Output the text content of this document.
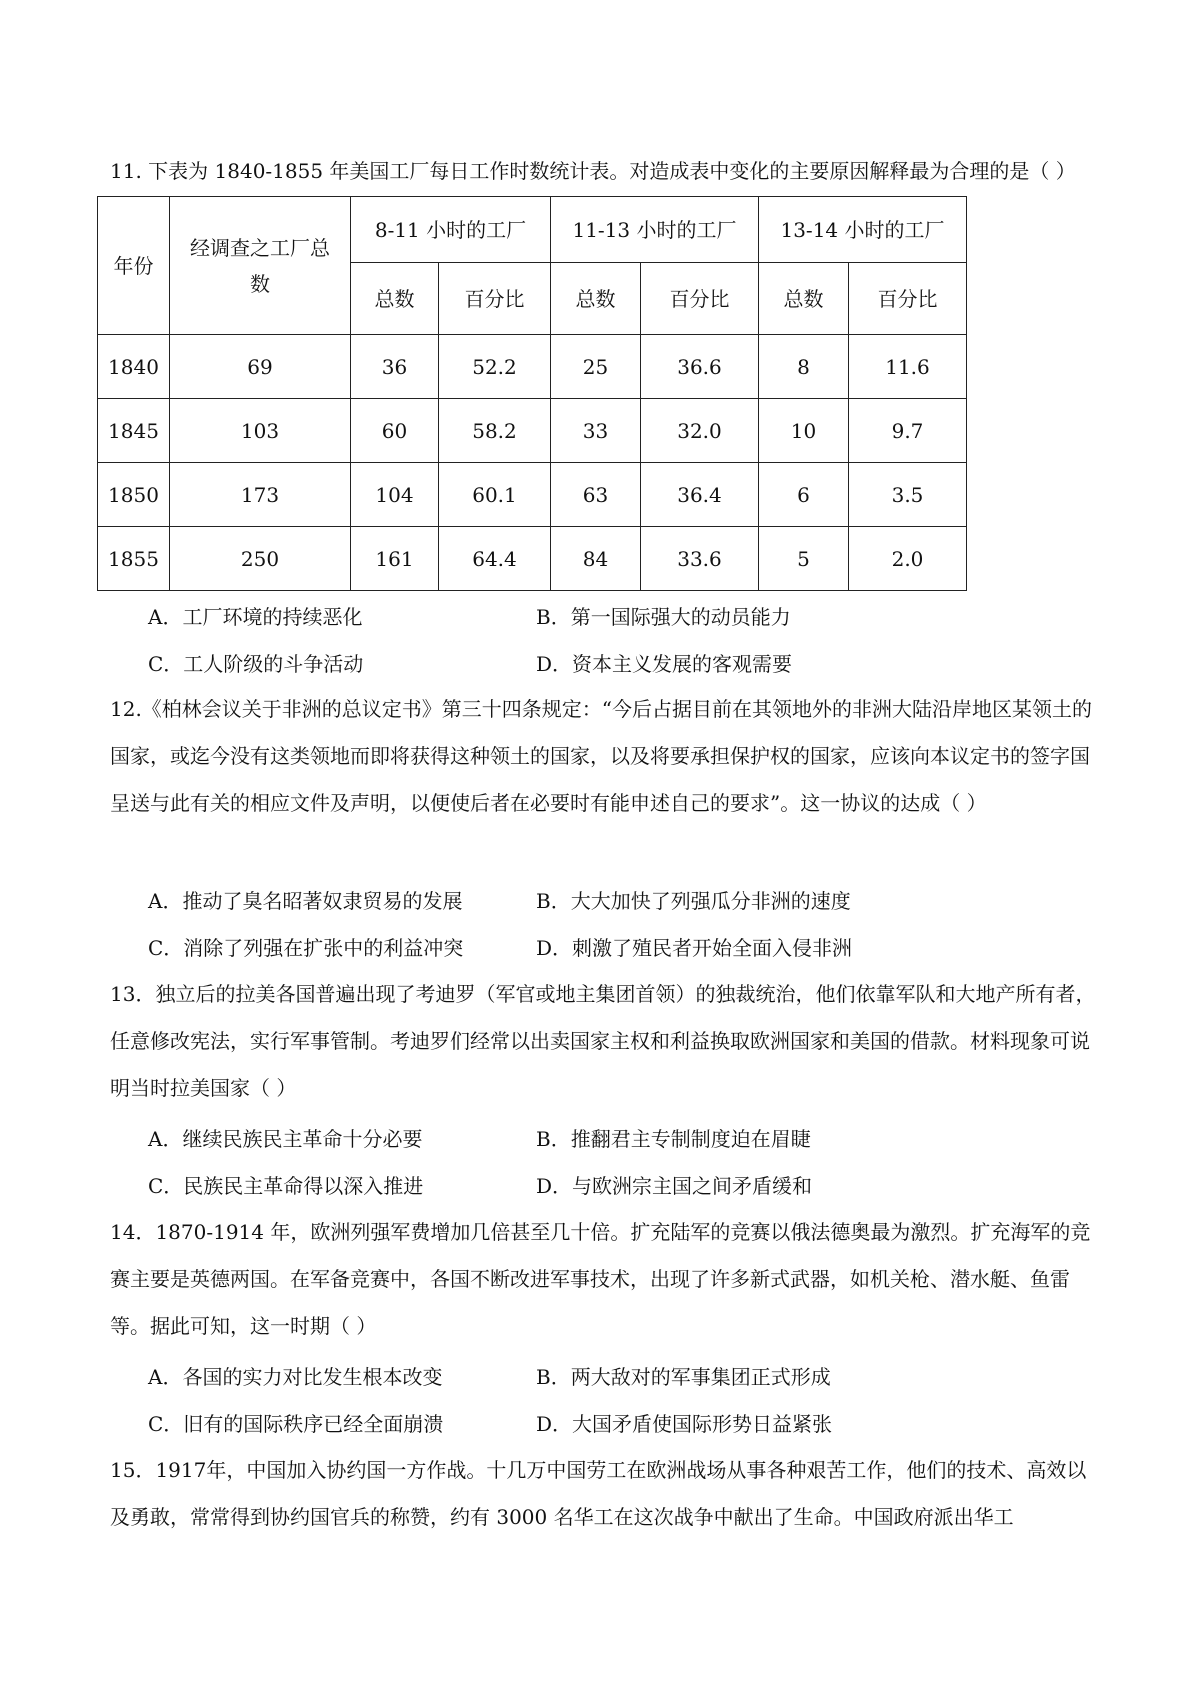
11. 下表为 1840-1855 年美国工厂每日工作时数统计表。对造成表中变化的主要原因解释最为合理的是（ ）
年份	经调查之工厂总数	8-11 小时的工厂		11-13 小时的工厂		13-14 小时的工厂	
		总数	百分比	总数	百分比	总数	百分比
1840	69	36	52.2	25	36.6	8	11.6
1845	103	60	58.2	33	32.0	10	9.7
1850	173	104	60.1	63	36.4	6	3.5
1855	250	161	64.4	84	33.6	5	2.0
A．工厂环境的持续恶化	B．第一国际强大的动员能力
C．工人阶级的斗争活动	D．资本主义发展的客观需要
12.《柏林会议关于非洲的总议定书》第三十四条规定：“今后占据目前在其领地外的非洲大陆沿岸地区某领土的国家，或迄今没有这类领地而即将获得这种领土的国家，以及将要承担保护权的国家，应该向本议定书的签字国呈送与此有关的相应文件及声明，以便使后者在必要时有能申述自己的要求”。这一协议的达成（ ）
A．推动了臭名昭著奴隶贸易的发展	B．大大加快了列强瓜分非洲的速度
C．消除了列强在扩张中的利益冲突	D．刺激了殖民者开始全面入侵非洲
13．独立后的拉美各国普遍出现了考迪罗（军官或地主集团首领）的独裁统治，他们依靠军队和大地产所有者，任意修改宪法，实行军事管制。考迪罗们经常以出卖国家主权和利益换取欧洲国家和美国的借款。材料现象可说明当时拉美国家（ ）
A．继续民族民主革命十分必要	B．推翻君主专制制度迫在眉睫
C．民族民主革命得以深入推进	D．与欧洲宗主国之间矛盾缓和
14．1870-1914 年，欧洲列强军费增加几倍甚至几十倍。扩充陆军的竞赛以俄法德奥最为激烈。扩充海军的竞赛主要是英德两国。在军备竞赛中，各国不断改进军事技术，出现了许多新式武器，如机关枪、潜水艇、鱼雷等。据此可知，这一时期（ ）
A．各国的实力对比发生根本改变	B．两大敌对的军事集团正式形成
C．旧有的国际秩序已经全面崩溃	D．大国矛盾使国际形势日益紧张
15．1917年，中国加入协约国一方作战。十几万中国劳工在欧洲战场从事各种艰苦工作，他们的技术、高效以及勇敢，常常得到协约国官兵的称赞，约有 3000 名华工在这次战争中献出了生命。中国政府派出华工
